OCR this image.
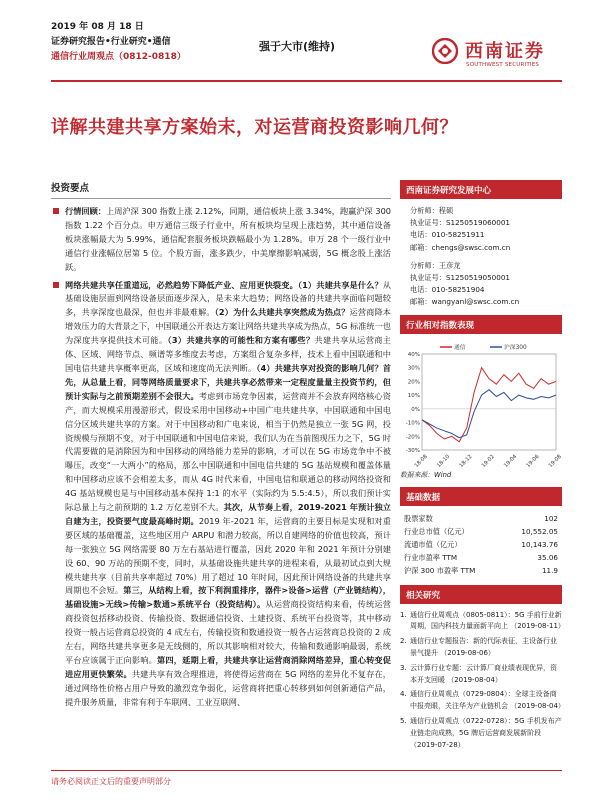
2019 年 08 月 18 日
证券研究报告•行业研究•通信
通信行业周观点（0812-0818）
强于大市(维持)	西南证券
SOUTHWEST SECURITIES
详解共建共享方案始末，对运营商投资影响几何？
投资要点
行情回顾：上周沪深 300 指数上涨 2.12%，同期，通信板块上涨 3.34%，跑赢沪深 300 指数 1.22 个百分点。申万通信三级子行业中，所有板块均呈现上涨趋势，其中通信设备板块涨幅最大为 5.99%，通信配套服务板块跌幅最小为 1.28%。申万 28 个一级行业中通信行业涨幅位居第 5 位。个股方面，涨多跌少，中美摩擦影响减弱，5G 概念股上涨活跃。
网络共建共享任重道远，必然趋势下降低产业、应用更快裂变。（1）共建共享是什么？从基础设施层面到网络设备层面逐步深入，是未来大趋势；网络设备的共建共享面临问题较多，共享深度也最深，但也并非最难解。（2）为什么共建共享突然成为热点？运营商降本增效压力的大背景之下，中国联通公开表达方案让网络共建共享成为热点，5G 标准统一也为深度共享提供技术可能。（3）共建共享的可能性和方案有哪些？共建共享从运营商主体、区域、网络节点、频谱等多维度去考虑，方案组合复杂多样，技术上看中国联通和中国电信共建共享概率更高，区域和速度尚无法判断。（4）共建共享对投资的影响几何？首先，从总量上看，同等网络质量要求下，共建共享必然带来一定程度量量主投资节约，但预计实际与之前预期差别不会很大。考虑到市场竞争因素，运营商并不会放弃网络核心资产，而大规模采用漫游形式，假设采用中国移动+中国广电共建共享，中国联通和中国电信分区域共建共享的方案。对于中国移动和广电来说，相当于仍然是独立一张 5G 网，投资规模与预期不变，对于中国联通和中国电信来说，我们认为在当前图现压力之下，5G 时代需要做的是消除因为和中国移动的网络能力差异的影响，才可以在 5G 市场竞争中不被曝压，改变“一大两小”的格局，那么中国联通和中国电信共建的 5G 基站规模和覆盖体量和中国移动应该不会相差太多，而从 4G 时代来看，中国电信和联通总的移动网络投资和 4G 基站规模也是与中国移动基本保持 1:1 的水平（实际约为 5.5:4.5），所以我们预计实际总量上与之前预期的 1.2 万亿差别不大。其次，从节奏上看，2019-2021 年预计独立自建为主，投资要气度最高峰时期。2019 年-2021 年，运营商的主要目标是实现和对重要区域的基础覆盖，这些地区用户 ARPU 和潜力较高，所以自建网络的价值也较高，预计每一张独立 5G 网络需要 80 万左右基站进行覆盖，因此 2020 年和 2021 年预计分别建设 60、90 万站的预期不变，同时，从基础设施共建共享的进程来看，从最初试点到大规模共建共享（目前共享率超过 70%）用了超过 10 年时间，因此预计网络设备的共建共享周期也不会短。第三，从结构上看，按下利润重排序，器件>设备>运营（产业链结构），基础设施>无线>传输>数通>系统平台（投资结构）。从运营商投资结构来看，传统运营商投资包括移动投资、传输投资、数据通信投资、土建投资、系统平台投资等，其中移动投资一般占运营商总投资的 4 成左右，传输投资和数通投资一般各占运营商总投资的 2 成左右，网络共建共享更多是无线侧的，所以其影响相对较大，传输和数通影响最弱，系统平台应该属于正向影响。第四，延期上看，共建共享让运营商消除网络差异，重心转变促进应用更快繁荣。共建共享有效合理推进，将使得运营商在 5G 网络的差异化不复存在，通过网络性价格占用户导致的激烈竞争弱化，运营商将把重心转移到如何创新通信产品，提升服务质量，非常有利于车联网、工业互联网、
西南证券研究发展中心
分析师：程硕
执业证号：S1250519060001
电话：010-58251911
邮箱：chengs@swsc.com.cn
分析师：王彦龙
执业证号：S1250519050001
电话：010-58251904
邮箱：wangyanl@swsc.com.cn
行业相对指数表现
40%
30%
20%
10%
0%
-10%
-20%
-30%
18-08 18-10 18-12 19-02 19-04 19-06 19-08
通信	沪深300
数据来源：Wind
基础数据
股票家数	102
行业总市值（亿元）	10,552.05
流通市值（亿元）	10,143.76
行业市盈率 TTM	35.06
沪深 300 市盈率 TTM	11.9
相关研究
1. 通信行业周观点（0805-0811）：5G 手前行业新周期，国内科技力量面新平向上 （2019-08-11）
2. 通信行业专题报告：新的代际表征，主设备行业景气提升 （2019-08-06）
3. 云计算行业专题：云计算厂商业绩表现优异，资本开支回暖 （2019-08-04）
4. 通信行业周观点（0729-0804）：全球主设备商中报亮眼，关注华为产业链机会 （2019-08-04）
5. 通信行业周观点（0722-0728）：5G 手机发布产业链走向成熟，5G 牌后运营商发展新阶段 （2019-07-28）
请务必阅读正文后的重要声明部分
